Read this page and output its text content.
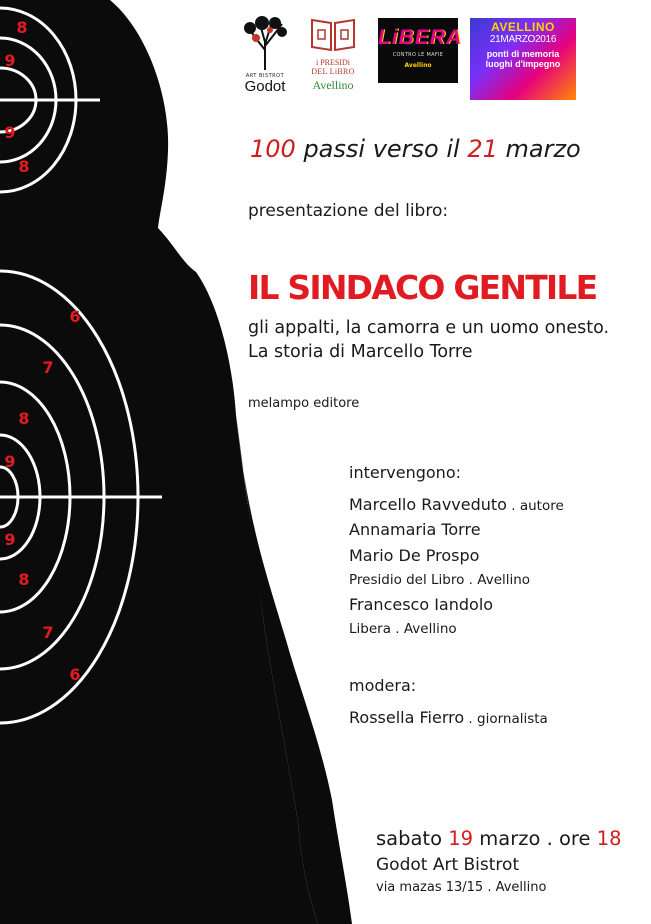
8
9
9
8
6
7
8
9
9
8
7
6
ART BISTROT
Godot
i PRESIDi
DEL LiBRO
Avellino
LiBERA
CONTRO LE MAFIE
Avellino
AVELLINO
21MARZO2016
ponti di memoria
luoghi d'impegno

100 passi verso il 21 marzo

presentazione del libro:

IL SINDACO GENTILE

gli appalti, la camorra e un uomo onesto.
La storia di Marcello Torre

melampo editore

intervengono:

Marcello Ravveduto . autore

Annamaria Torre

Mario De Prospo

Presidio del Libro . Avellino

Francesco Iandolo

Libera . Avellino

modera:

Rossella Fierro . giornalista

sabato 19 marzo . ore 18

Godot Art Bistrot

via mazas 13/15 . Avellino
